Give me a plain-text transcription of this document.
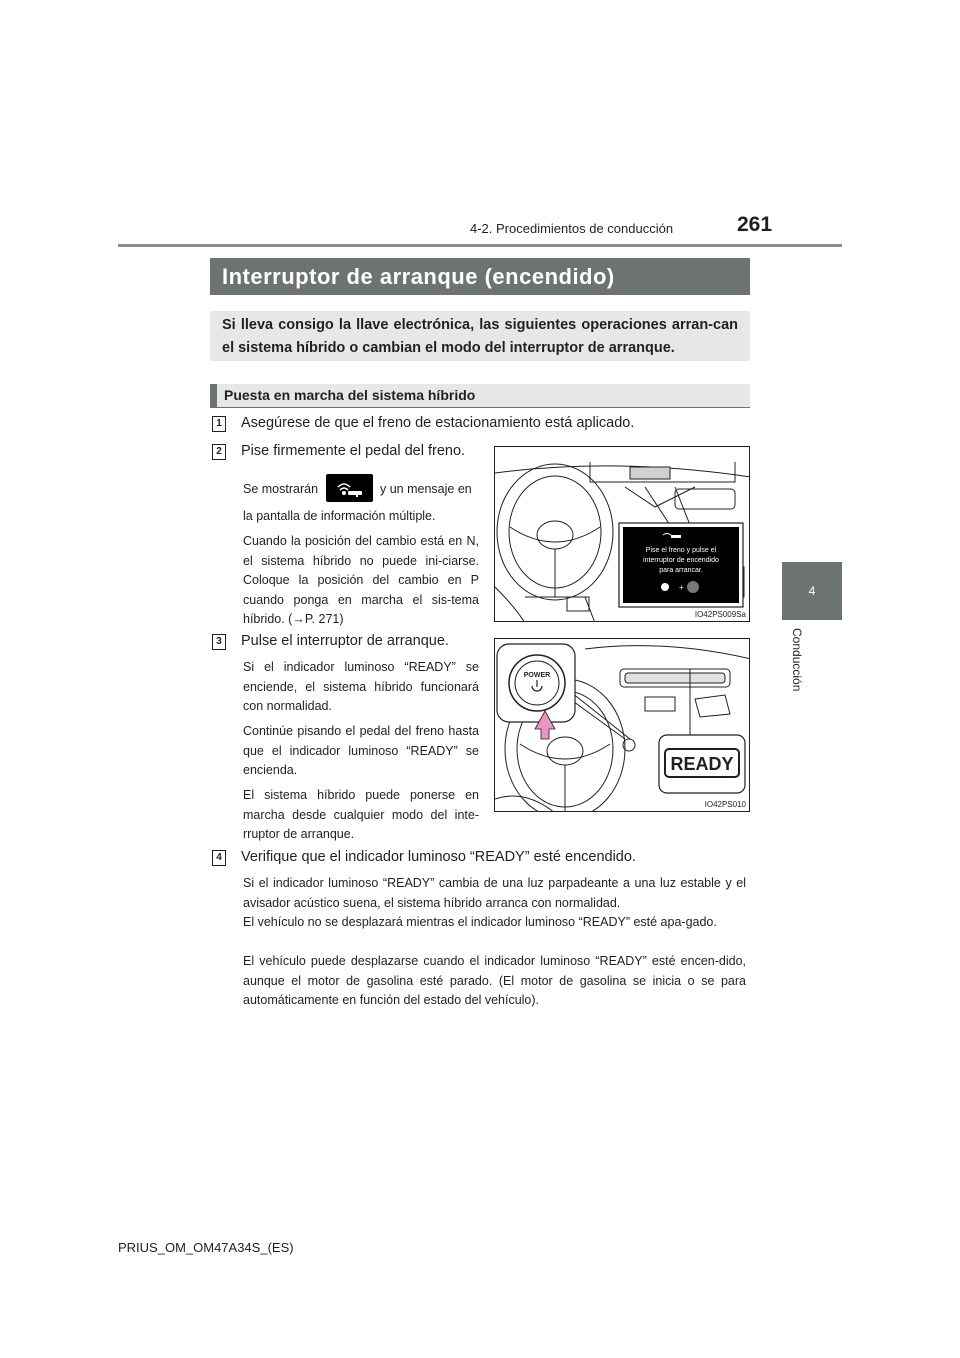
4-2. Procedimientos de conducción	261
4
Conducción
Interruptor de arranque (encendido)
Si lleva consigo la llave electrónica, las siguientes operaciones arran-can el sistema híbrido o cambian el modo del interruptor de arranque.
Puesta en marcha del sistema híbrido
1 Asegúrese de que el freno de estacionamiento está aplicado.
2 Pise firmemente el pedal del freno.
Se mostrarán	y un mensaje en
la pantalla de información múltiple.
Cuando la posición del cambio está en N, el sistema híbrido no puede ini-ciarse. Coloque la posición del cambio en P cuando ponga en marcha el sis-tema híbrido. (→P. 271)
Pise el freno y pulse el
interruptor de encendido
para arrancar.
+
IO42PS009Sa
3 Pulse el interruptor de arranque.
Si el indicador luminoso “READY” se enciende, el sistema híbrido funcionará con normalidad.
Continúe pisando el pedal del freno hasta que el indicador luminoso “READY” se encienda.
El sistema híbrido puede ponerse en marcha desde cualquier modo del inte-rruptor de arranque.
POWER
READY
IO42PS010
4 Verifique que el indicador luminoso “READY” esté encendido.
Si el indicador luminoso “READY” cambia de una luz parpadeante a una luz estable y el avisador acústico suena, el sistema híbrido arranca con normalidad.
El vehículo no se desplazará mientras el indicador luminoso “READY” esté apa-gado.
El vehículo puede desplazarse cuando el indicador luminoso “READY” esté encen-dido, aunque el motor de gasolina esté parado. (El motor de gasolina se inicia o se para automáticamente en función del estado del vehículo).
PRIUS_OM_OM47A34S_(ES)
